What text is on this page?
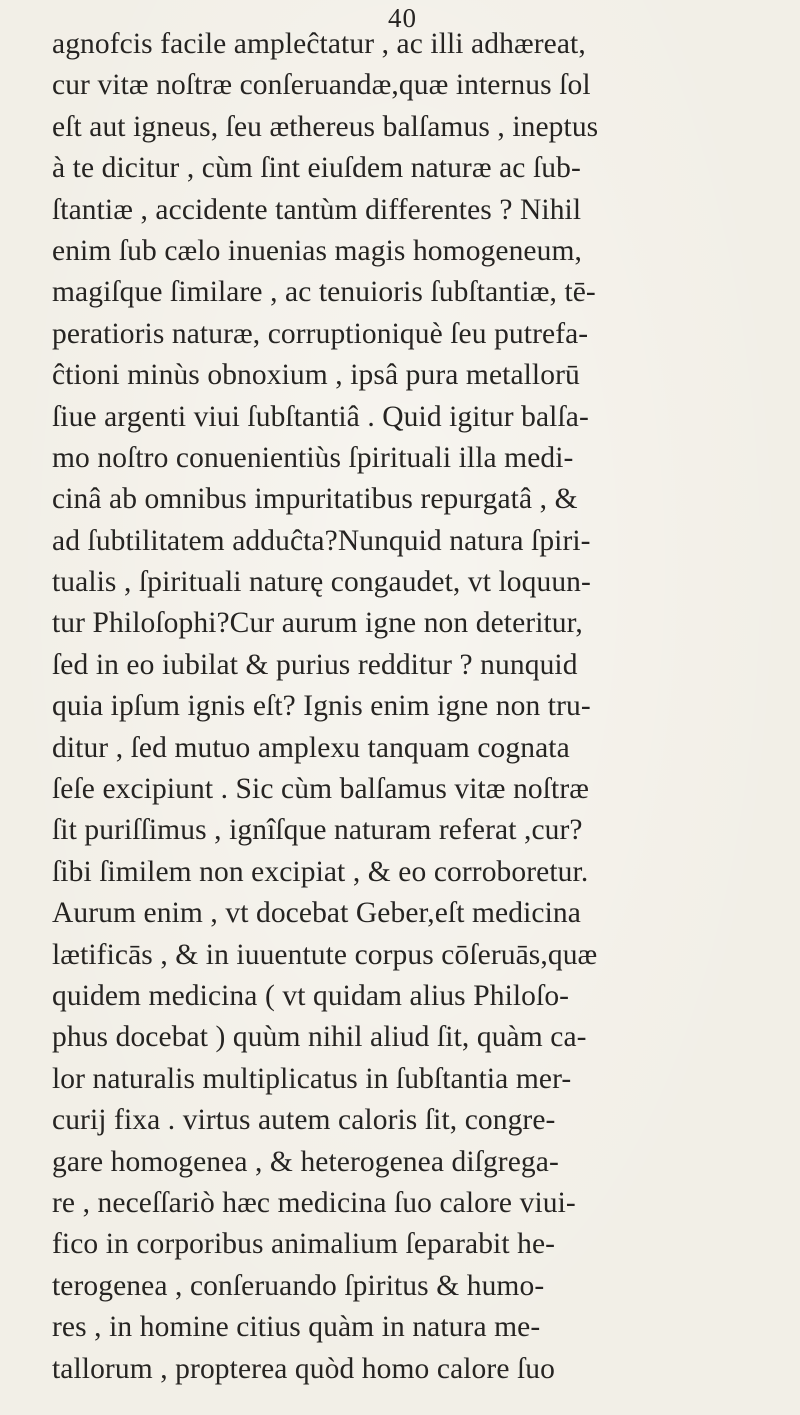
40
agnofcis facile ampleĉtatur , ac illi adhæreat,
cur vitæ noſtræ conſeruandæ,quæ internus ſol
eſt aut igneus, ſeu æthereus balſamus , ineptus
à te dicitur , cùm ſint eiuſdem naturæ ac ſub-
ſtantiæ , accidente tantùm differentes ? Nihil
enim ſub cælo inuenias magis homogeneum,
magiſque ſimilare , ac tenuioris ſubſtantiæ, tē-
peratioris naturæ, corruptioniquè ſeu putrefa-
ĉtioni minùs obnoxium , ipsâ pura metallorū
ſiue argenti viui ſubſtantiâ . Quid igitur balſa-
mo noſtro conuenientiùs ſpirituali illa medi-
cinâ ab omnibus impuritatibus repurgatâ , &
ad ſubtilitatem adduĉta?Nunquid natura ſpiri-
tualis , ſpirituali naturę congaudet, vt loquun-
tur Philoſophi?Cur aurum igne non deteritur,
ſed in eo iubilat & purius redditur ? nunquid
quia ipſum ignis eſt? Ignis enim igne non tru-
ditur , ſed mutuo amplexu tanquam cognata
ſeſe excipiunt . Sic cùm balſamus vitæ noſtræ
ſit puriſſimus , ignîſque naturam referat ,cur?
ſibi ſimilem non excipiat , & eo corroboretur.
Aurum enim , vt docebat Geber,eſt medicina
lætificās , & in iuuentute corpus cōſeruās,quæ
quidem medicina ( vt quidam alius Philoſo-
phus docebat ) quùm nihil aliud ſit, quàm ca-
lor naturalis multiplicatus in ſubſtantia mer-
curij fixa . virtus autem caloris ſit, congre-
gare homogenea , & heterogenea diſgrega-
re , neceſſariò hæc medicina ſuo calore viui-
fico in corporibus animalium ſeparabit he-
terogenea , conſeruando ſpiritus & humo-
res , in homine citius quàm in natura me-
tallorum , propterea quòd homo calore ſuo
